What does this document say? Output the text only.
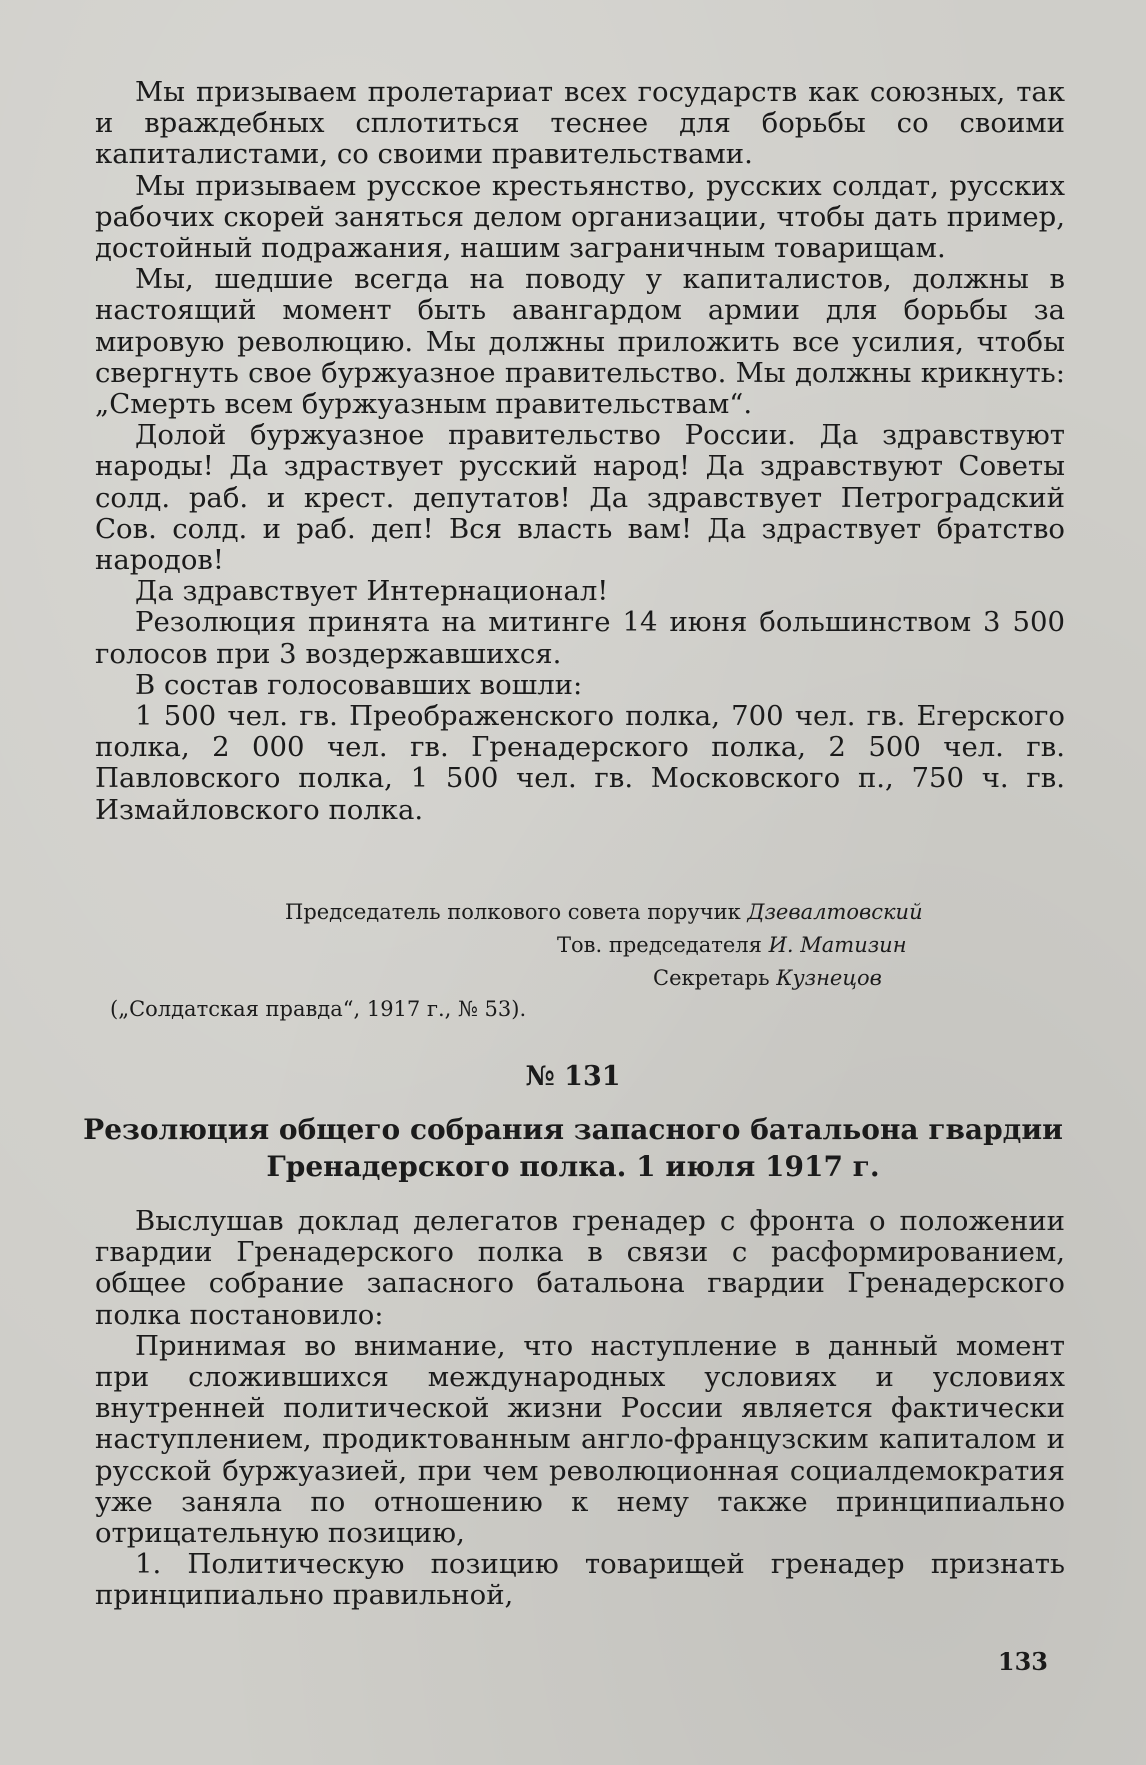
Мы призываем пролетариат всех государств как союзных, так и враждебных сплотиться теснее для борьбы со своими капиталистами, со своими правительствами.

Мы призываем русское крестьянство, русских солдат, русских рабочих скорей заняться делом организации, чтобы дать пример, достойный подражания, нашим заграничным товарищам.

Мы, шедшие всегда на поводу у капиталистов, должны в настоящий момент быть авангардом армии для борьбы за мировую революцию. Мы должны приложить все усилия, чтобы свергнуть свое буржуазное правительство. Мы должны крикнуть: „Смерть всем буржуазным правительствам“.

Долой буржуазное правительство России. Да здравствуют народы! Да здраствует русский народ! Да здравствуют Советы солд. раб. и крест. депутатов! Да здравствует Петроградский Сов. солд. и раб. деп! Вся власть вам! Да здраствует братство народов!

Да здравствует Интернационал!

Резолюция принята на митинге 14 июня большинством 3 500 голосов при 3 воздержавшихся.

В состав голосовавших вошли:

1 500 чел. гв. Преображенского полка, 700 чел. гв. Егерского полка, 2 000 чел. гв. Гренадерского полка, 2 500 чел. гв. Павловского полка, 1 500 чел. гв. Московского п., 750 ч. гв. Измайловского полка.

Председатель полкового совета поручик Дзевалтовский
Тов. председателя И. Матизин
Секретарь Кузнецов
(„Солдатская правда“, 1917 г., № 53).
№ 131
Резолюция общего собрания запасного батальона гвардии
Гренадерского полка. 1 июля 1917 г.

Выслушав доклад делегатов гренадер с фронта о положении гвардии Гренадерского полка в связи с расформированием, общее собрание запасного батальона гвардии Гренадерского полка постановило:

Принимая во внимание, что наступление в данный момент при сложившихся международных условиях и условиях внутренней политической жизни России является фактически наступлением, продиктованным англо-французским капиталом и русской буржуазией, при чем революционная социалдемократия уже заняла по отношению к нему также принципиально отрицательную позицию,

1. Политическую позицию товарищей гренадер признать принципиально правильной,

133
